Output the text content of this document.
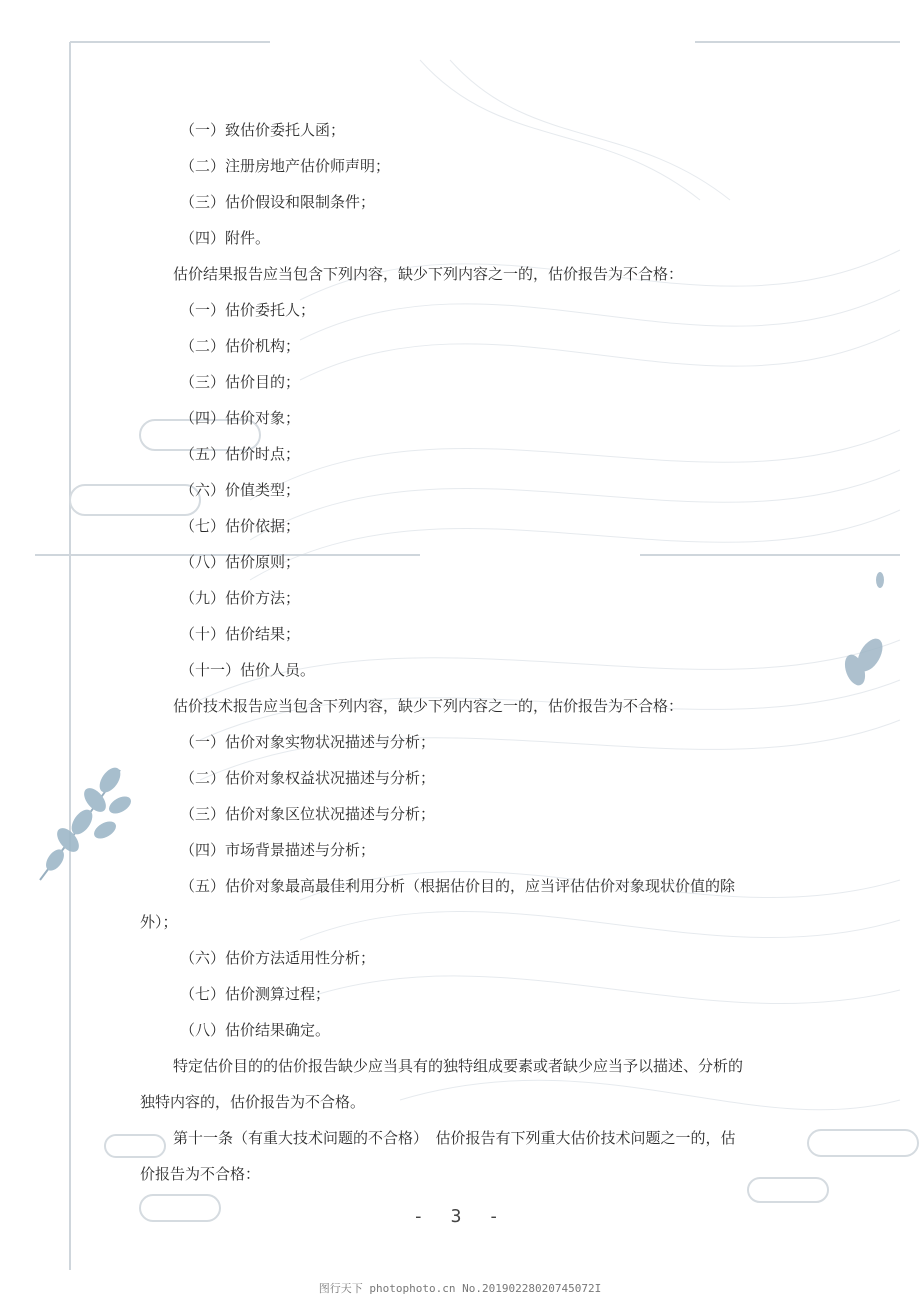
（一）致估价委托人函；
（二）注册房地产估价师声明；
（三）估价假设和限制条件；
（四）附件。
估价结果报告应当包含下列内容，缺少下列内容之一的，估价报告为不合格：
（一）估价委托人；
（二）估价机构；
（三）估价目的；
（四）估价对象；
（五）估价时点；
（六）价值类型；
（七）估价依据；
（八）估价原则；
（九）估价方法；
（十）估价结果；
（十一）估价人员。
估价技术报告应当包含下列内容，缺少下列内容之一的，估价报告为不合格：
（一）估价对象实物状况描述与分析；
（二）估价对象权益状况描述与分析；
（三）估价对象区位状况描述与分析；
（四）市场背景描述与分析；
（五）估价对象最高最佳利用分析（根据估价目的，应当评估估价对象现状价值的除
外）；
（六）估价方法适用性分析；
（七）估价测算过程；
（八）估价结果确定。
特定估价目的的估价报告缺少应当具有的独特组成要素或者缺少应当予以描述、分析的
独特内容的，估价报告为不合格。
第十一条（有重大技术问题的不合格）　估价报告有下列重大估价技术问题之一的，估
价报告为不合格：
- 3 -
图行天下 photophoto.cn No.20190228020745072I
